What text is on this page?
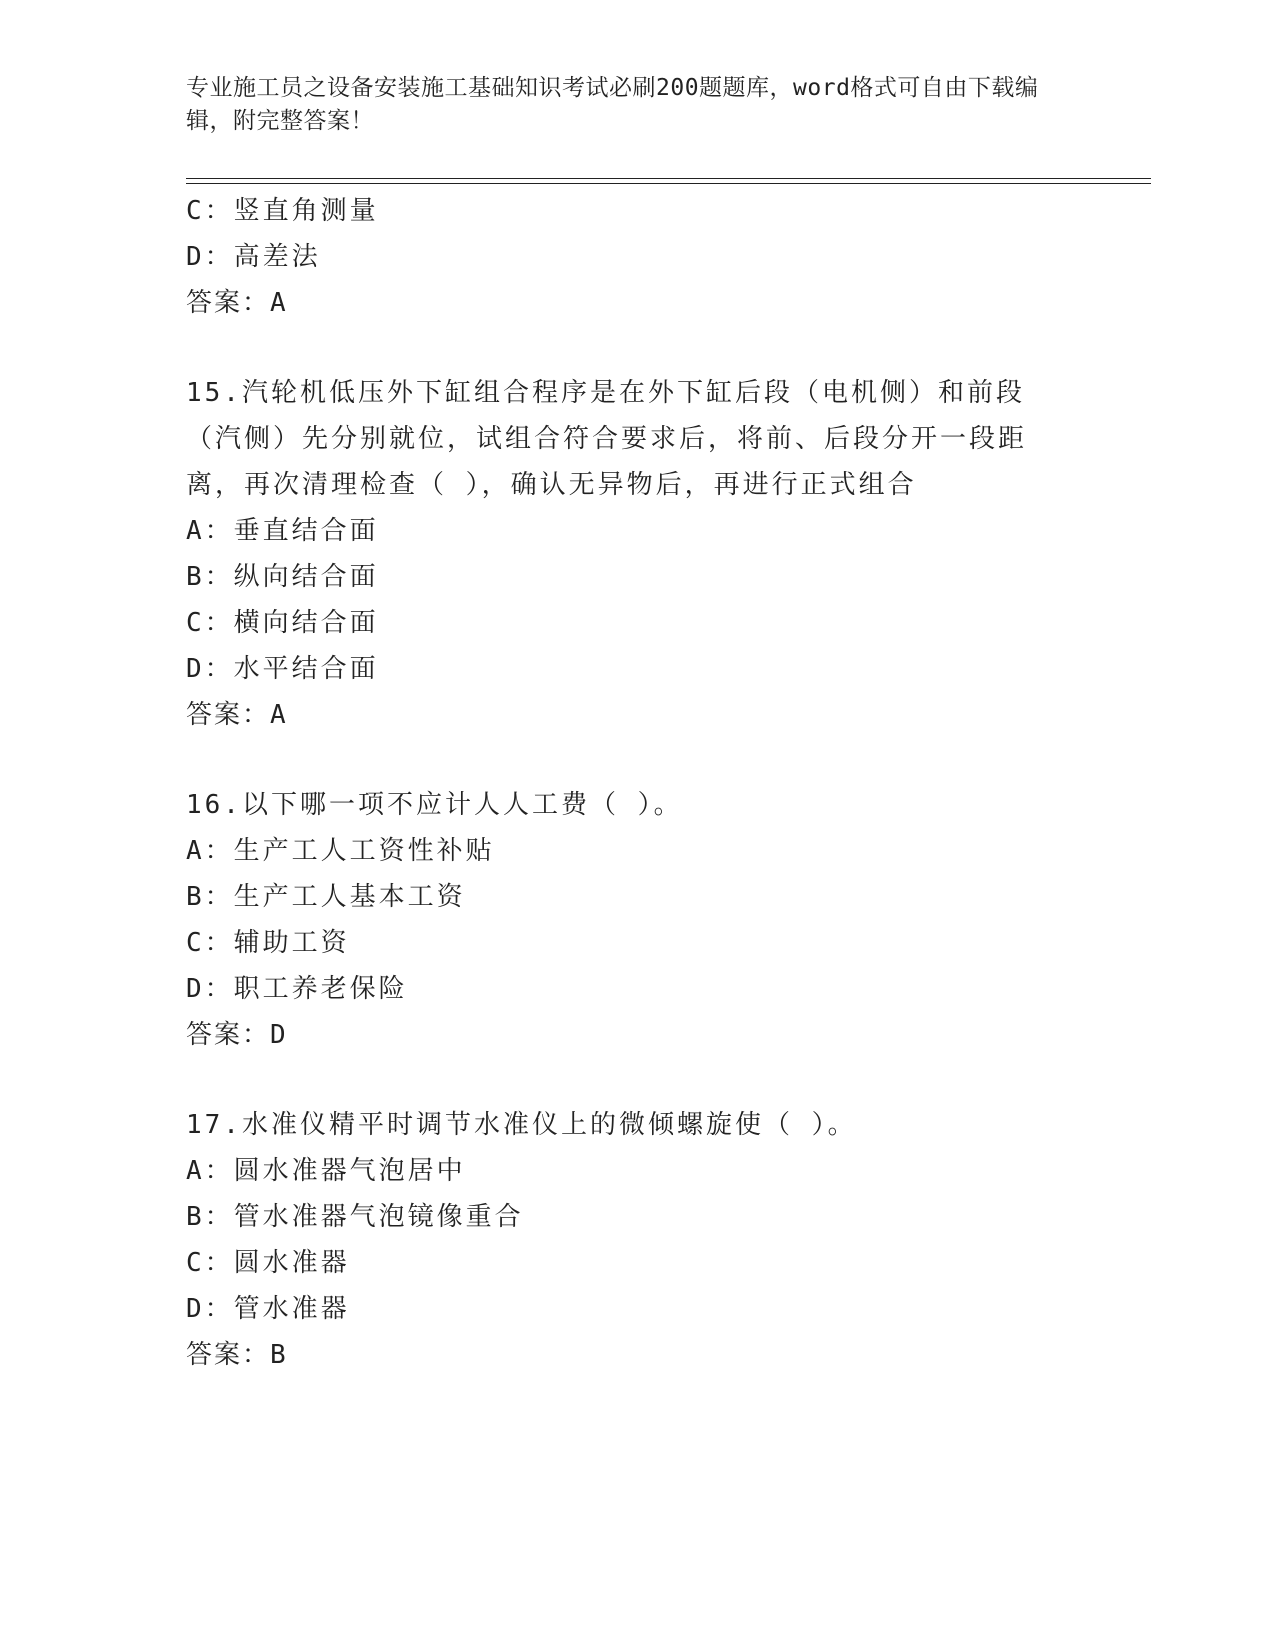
专业施工员之设备安装施工基础知识考试必刷200题题库，word格式可自由下载编辑，附完整答案！
C：竖直角测量
D：高差法
答案：A
15.汽轮机低压外下缸组合程序是在外下缸后段（电机侧）和前段（汽侧）先分别就位，试组合符合要求后，将前、后段分开一段距离，再次清理检查（ ），确认无异物后，再进行正式组合
A：垂直结合面
B：纵向结合面
C：横向结合面
D：水平结合面
答案：A
16.以下哪一项不应计人人工费（ ）。
A：生产工人工资性补贴
B：生产工人基本工资
C：辅助工资
D：职工养老保险
答案：D
17.水准仪精平时调节水准仪上的微倾螺旋使（ ）。
A：圆水准器气泡居中
B：管水准器气泡镜像重合
C：圆水准器
D：管水准器
答案：B
